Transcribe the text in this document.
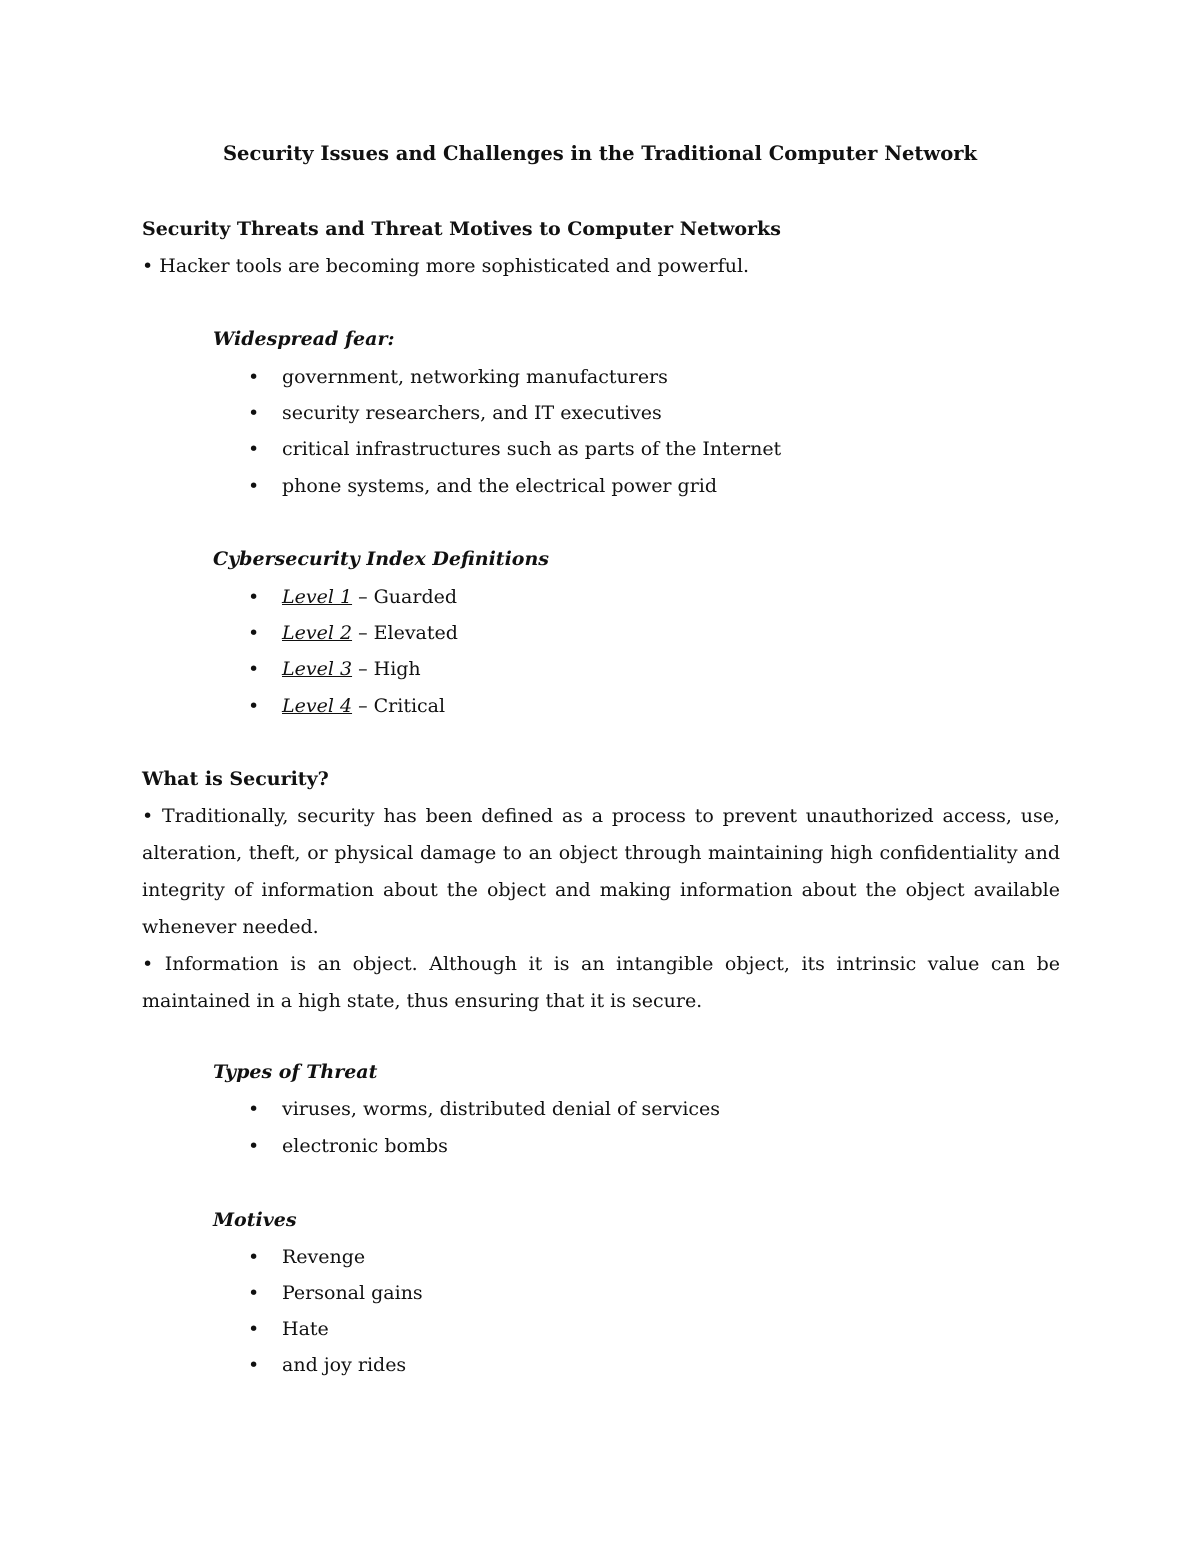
Security Issues and Challenges in the Traditional Computer Network
Security Threats and Threat Motives to Computer Networks
• Hacker tools are becoming more sophisticated and powerful.
Widespread fear:
• government, networking manufacturers
• security researchers, and IT executives
• critical infrastructures such as parts of the Internet
• phone systems, and the electrical power grid
Cybersecurity Index Definitions
• Level 1 – Guarded
• Level 2 – Elevated
• Level 3 – High
• Level 4 – Critical
What is Security?

• Traditionally, security has been defined as a process to prevent unauthorized access, use, alteration, theft, or physical damage to an object through maintaining high confidentiality and integrity of information about the object and making information about the object available whenever needed.

• Information is an object. Although it is an intangible object, its intrinsic value can be maintained in a high state, thus ensuring that it is secure.

Types of Threat
• viruses, worms, distributed denial of services
• electronic bombs
Motives
• Revenge
• Personal gains
• Hate
• and joy rides
